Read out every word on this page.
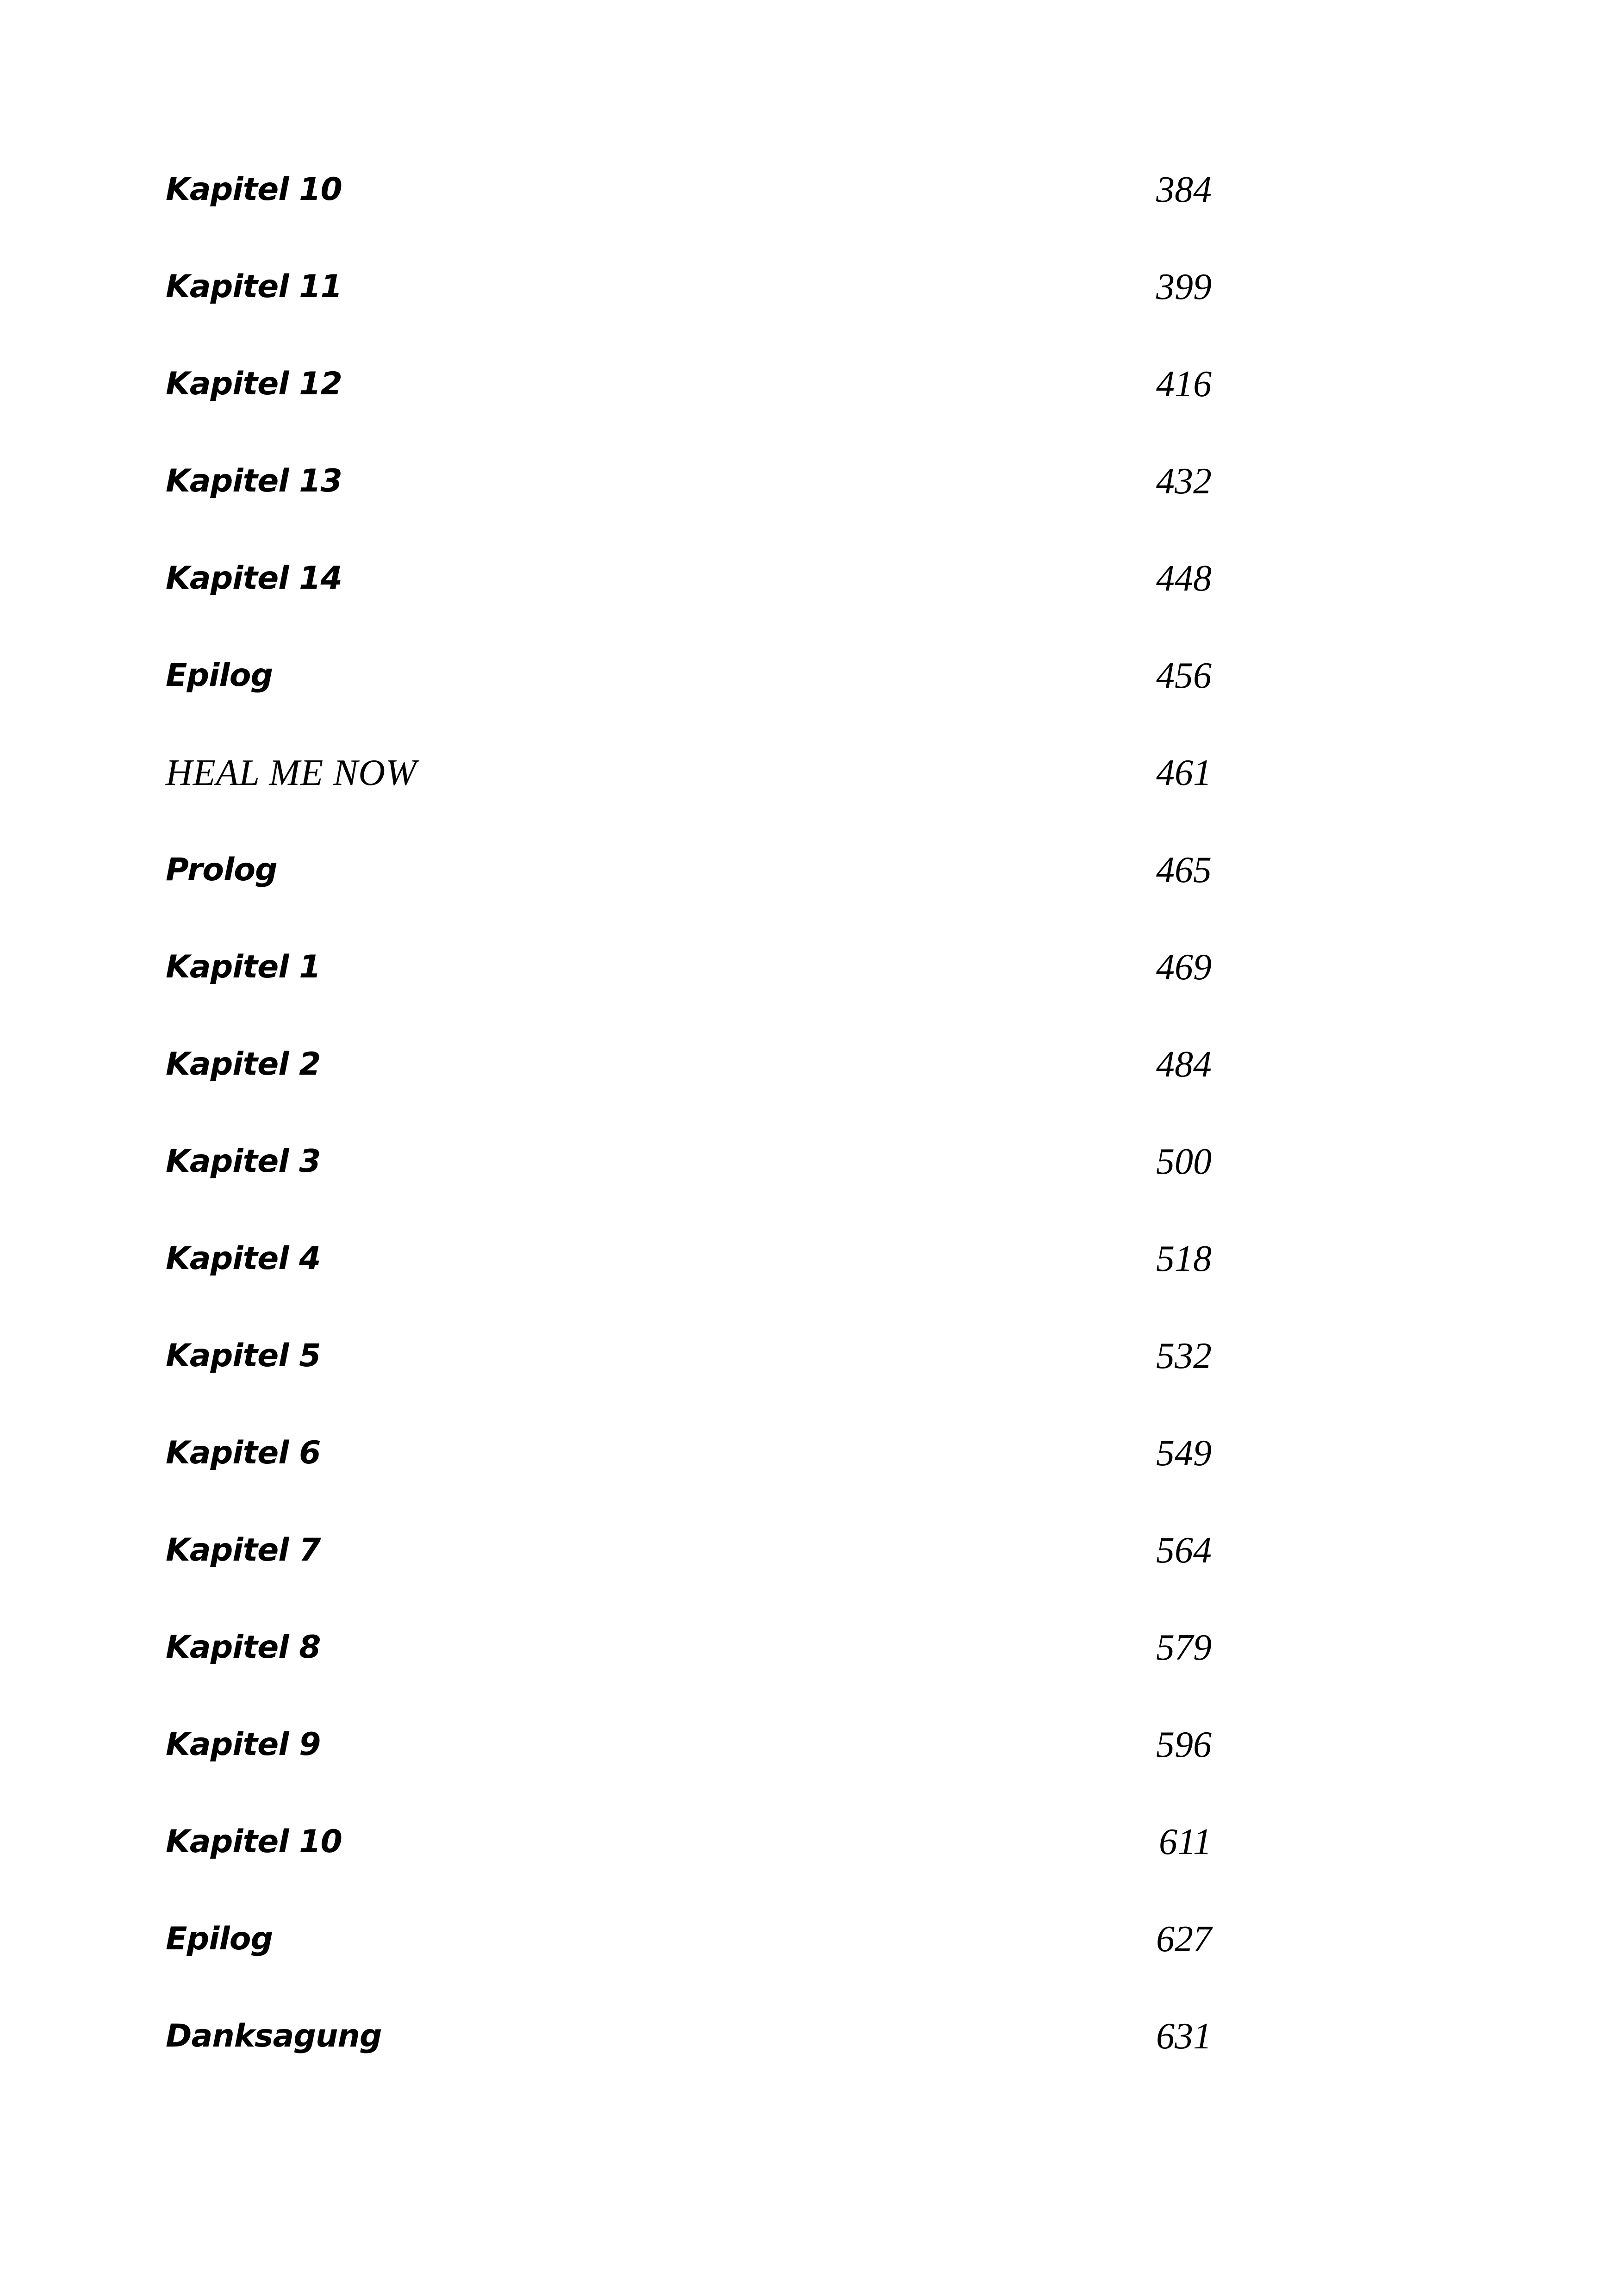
Kapitel 10	384
Kapitel 11	399
Kapitel 12	416
Kapitel 13	432
Kapitel 14	448
Epilog	456
HEAL ME NOW	461
Prolog	465
Kapitel 1	469
Kapitel 2	484
Kapitel 3	500
Kapitel 4	518
Kapitel 5	532
Kapitel 6	549
Kapitel 7	564
Kapitel 8	579
Kapitel 9	596
Kapitel 10	611
Epilog	627
Danksagung	631
